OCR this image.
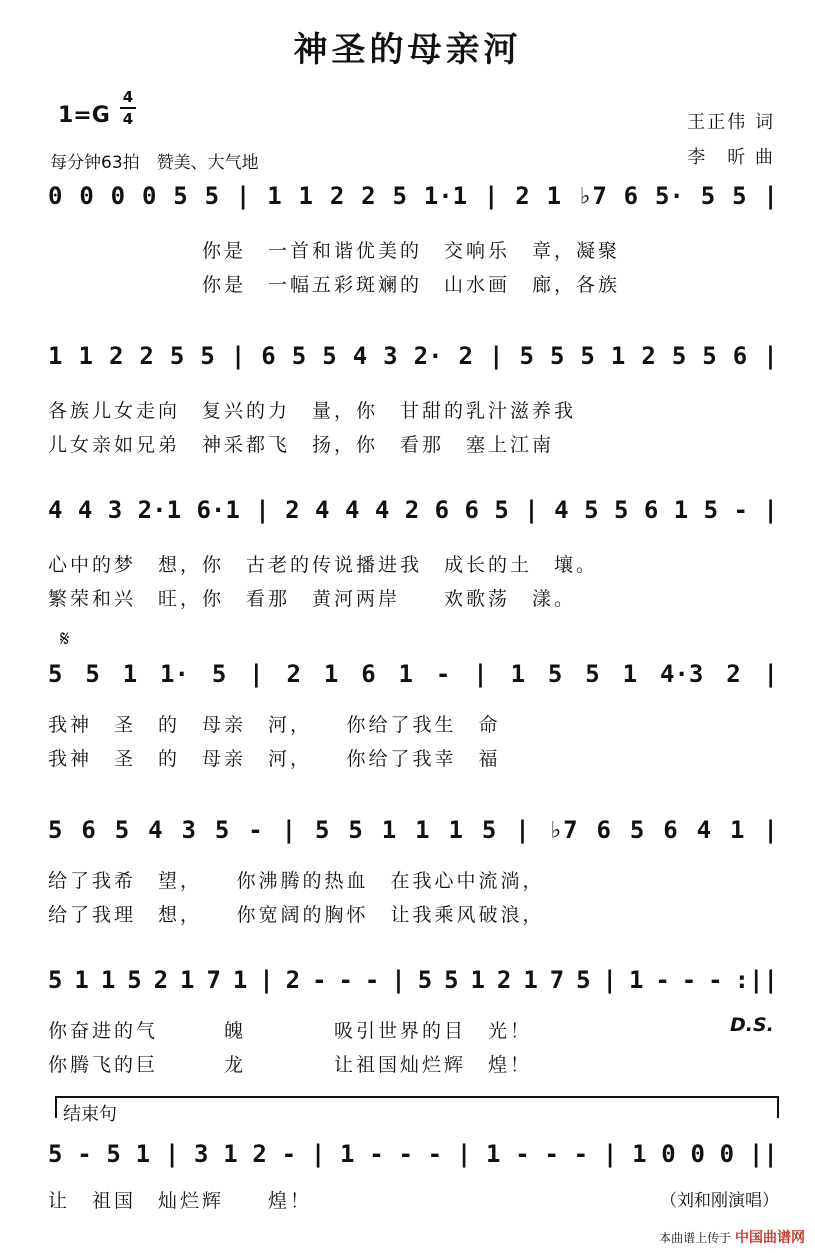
神圣的母亲河
1=G
4
4
每分钟63拍　赞美、大气地
王正伟 词
李　昕 曲
0 0 0 0 5 5 | 1 1 2 2 5 1·1 | 2 1 ♭7 6 5· 5 5 |
　　　　　　　你是　一首和谐优美的　交响乐　章，凝聚
　　　　　　　你是　一幅五彩斑斓的　山水画　廊，各族
1 1 2 2 5 5 | 6 5 5 4 3 2· 2 | 5 5 5 1 2 5 5 6 |
各族儿女走向　复兴的力　量，你　甘甜的乳汁滋养我
儿女亲如兄弟　神采都飞　扬，你　看那　塞上江南
4 4 3 2·1 6·1 | 2 4 4 4 2 6 6 5 | 4 5 5 6 1 5 - |
心中的梦　想，你　古老的传说播进我　成长的土　壤。
繁荣和兴　旺，你　看那　黄河两岸　　欢歌荡　漾。
𝄋
5 5 1 1· 5 | 2 1 6 1 - | 1 5 5 1 4·3 2 |
我神　圣　的　母亲　河，　　你给了我生　命
我神　圣　的　母亲　河，　　你给了我幸　福
5 6 5 4 3 5 - | 5 5 1 1 1 5 | ♭7 6 5 6 4 1 |
给了我希　望，　　你沸腾的热血　在我心中流淌，
给了我理　想，　　你宽阔的胸怀　让我乘风破浪，
5 1 1 5 2 1 7 1 | 2 - - - | 5 5 1 2 1 7 5 | 1 - - - :||
你奋进的气　　　魄　　　　吸引世界的目　光！
你腾飞的巨　　　龙　　　　让祖国灿烂辉　煌！
D.S.
结束句
5 - 5 1 | 3 1 2 - | 1 - - - | 1 - - - | 1 0 0 0 ||
让　祖国　灿烂辉　　煌！	（刘和刚演唱）
本曲谱上传于 中国曲谱网
